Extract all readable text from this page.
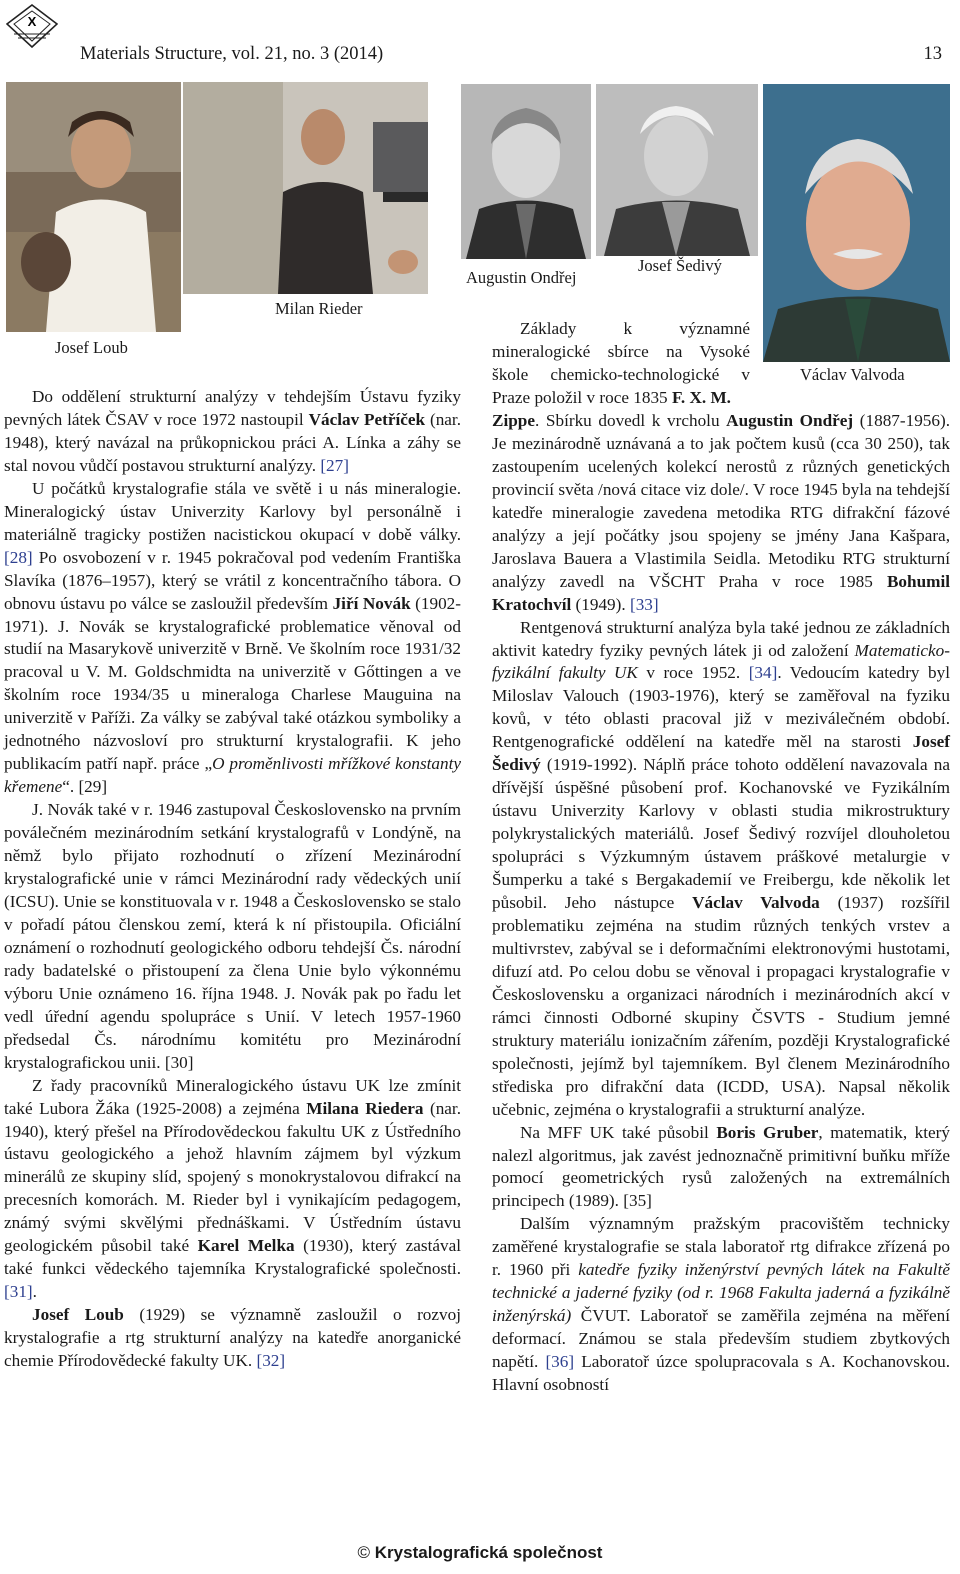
X
Materials Structure, vol. 21, no. 3 (2014)	13
Josef Loub
Milan Rieder
Augustin Ondřej
Josef Šedivý
Václav Valvoda

Do oddělení strukturní analýzy v tehdejším Ústavu fyziky pevných látek ČSAV v roce 1972 nastoupil Václav Petříček (nar. 1948), který navázal na průkopnickou práci A. Línka a záhy se stal novou vůdčí postavou strukturní analýzy. [27]

U počátků krystalografie stála ve světě i u nás mineralogie. Mineralogický ústav Univerzity Karlovy byl personálně i materiálně tragicky postižen nacistickou okupací v době války. [28] Po osvobození v r. 1945 pokračoval pod vedením Františka Slavíka (1876–1957), který se vrátil z koncentračního tábora. O obnovu ústavu po válce se zasloužil především Jiří Novák (1902-1971). J. Novák se krystalografické problematice věnoval od studií na Masarykově univerzitě v Brně. Ve školním roce 1931/32 pracoval u V. M. Goldschmidta na univerzitě v Gőttingen a ve školním roce 1934/35 u mineraloga Charlese Mauguina na univerzitě v Paříži. Za války se zabýval také otázkou symboliky a jednotného názvosloví pro strukturní krystalografii. K jeho publikacím patří např. práce „O proměnlivosti mřížkové konstanty křemene“. [29]

J. Novák také v r. 1946 zastupoval Československo na prvním poválečném mezinárodním setkání krystalografů v Londýně, na němž bylo přijato rozhodnutí o zřízení Mezinárodní krystalografické unie v rámci Mezinárodní rady vědeckých unií (ICSU). Unie se konstituovala v r. 1948 a Československo se stalo v pořadí pátou členskou zemí, která k ní přistoupila. Oficiální oznámení o rozhodnutí geologického odboru tehdejší Čs. národní rady badatelské o přistoupení za člena Unie bylo výkonnému výboru Unie oznámeno 16. října 1948. J. Novák pak po řadu let vedl úřední agendu spolupráce s Unií. V letech 1957-1960 předsedal Čs. národnímu komitétu pro Mezinárodní krystalografickou unii. [30]

Z řady pracovníků Mineralogického ústavu UK lze zmínit také Lubora Žáka (1925-2008) a zejména Milana Riedera (nar. 1940), který přešel na Přírodovědeckou fakultu UK z Ústředního ústavu geologického a jehož hlavním zájmem byl výzkum minerálů ze skupiny slíd, spojený s monokrystalovou difrakcí na precesních komorách. M. Rieder byl i vynikajícím pedagogem, známý svými skvělými přednáškami. V Ústředním ústavu geologickém působil také Karel Melka (1930), který zastával také funkci vědeckého tajemníka Krystalografické společnosti. [31].

Josef Loub (1929) se významně zasloužil o rozvoj krystalografie a rtg strukturní analýzy na katedře anorganické chemie Přírodovědecké fakulty UK. [32]

Základy k významné mineralogické sbírce na Vysoké škole chemicko-technologické v Praze položil v roce 1835 F. X. M.

Zippe. Sbírku dovedl k vrcholu Augustin Ondřej (1887-1956). Je mezinárodně uznávaná a to jak počtem kusů (cca 30 250), tak zastoupením ucelených kolekcí nerostů z různých genetických provincií světa /nová citace viz dole/. V roce 1945 byla na tehdejší katedře mineralogie zavedena metodika RTG difrakční fázové analýzy a její počátky jsou spojeny se jmény Jana Kašpara, Jaroslava Bauera a Vlastimila Seidla. Metodiku RTG strukturní analýzy zavedl na VŠCHT Praha v roce 1985 Bohumil Kratochvíl (1949). [33]

Rentgenová strukturní analýza byla také jednou ze základních aktivit katedry fyziky pevných látek ji od založení Matematicko-fyzikální fakulty UK v roce 1952. [34]. Vedoucím katedry byl Miloslav Valouch (1903-1976), který se zaměřoval na fyziku kovů, v této oblasti pracoval již v meziválečném období. Rentgenografické oddělení na katedře měl na starosti Josef Šedivý (1919-1992). Náplň práce tohoto oddělení navazovala na dřívější úspěšné působení prof. Kochanovské ve Fyzikálním ústavu Univerzity Karlovy v oblasti studia mikrostruktury polykrystalických materiálů. Josef Šedivý rozvíjel dlouholetou spolupráci s Výzkumným ústavem práškové metalurgie v Šumperku a také s Bergakademií ve Freibergu, kde několik let působil. Jeho nástupce Václav Valvoda (1937) rozšířil problematiku zejména na studim různých tenkých vrstev a multivrstev, zabýval se i deformačními elektronovými hustotami, difuzí atd. Po celou dobu se věnoval i propagaci krystalografie v Československu a organizaci národních i mezinárodních akcí v rámci činnosti Odborné skupiny ČSVTS - Studium jemné struktury materiálu ionizačním zářením, později Krystalografické společnosti, jejímž byl tajemníkem. Byl členem Mezinárodního střediska pro difrakční data (ICDD, USA). Napsal několik učebnic, zejména o krystalografii a strukturní analýze.

Na MFF UK také působil Boris Gruber, matematik, který nalezl algoritmus, jak zavést jednoznačně primitivní buňku mříže pomocí geometrických rysů založených na extremálních principech (1989). [35]

Dalším významným pražským pracovištěm technicky zaměřené krystalografie se stala laboratoř rtg difrakce zřízená po r. 1960 při katedře fyziky inženýrství pevných látek na Fakultě technické a jaderné fyziky (od r. 1968 Fakulta jaderná a fyzikálně inženýrská) ČVUT. Laboratoř se zaměřila zejména na měření deformací. Známou se stala především studiem zbytkových napětí. [36] Laboratoř úzce spolupracovala s A. Kochanovskou. Hlavní osobností

© Krystalografická společnost
